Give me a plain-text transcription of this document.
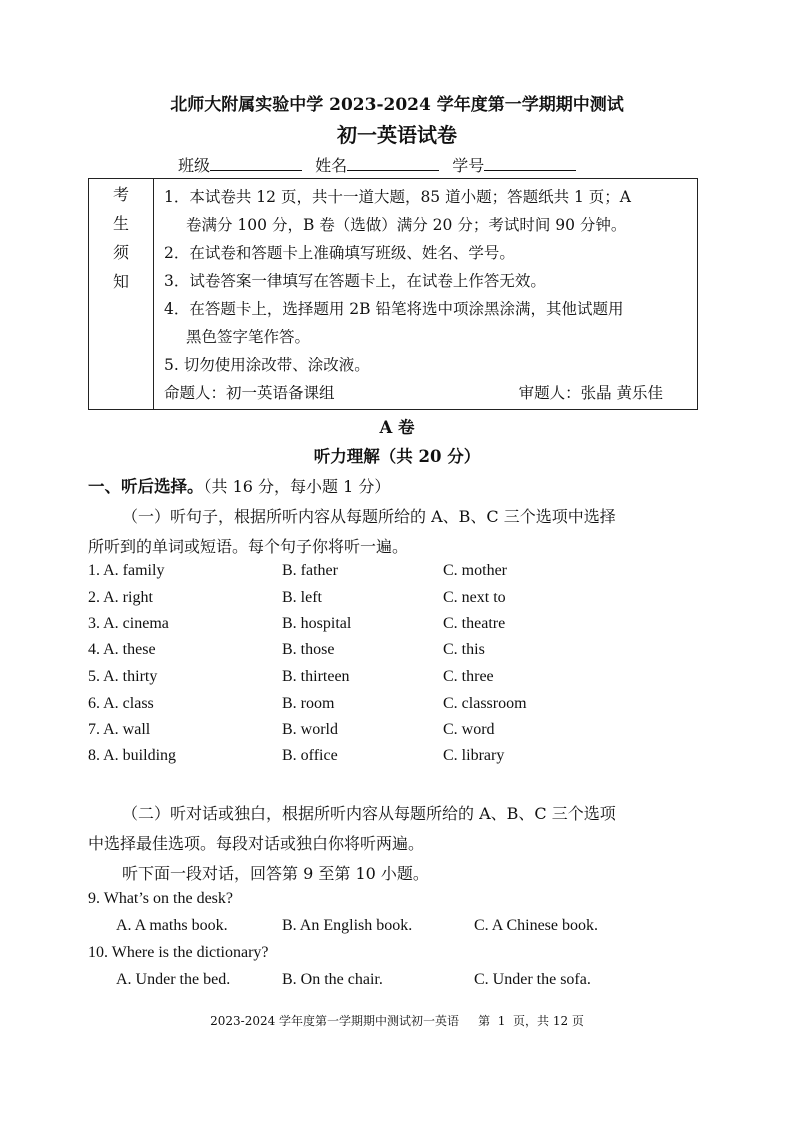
北师大附属实验中学 2023-2024 学年度第一学期期中测试
初一英语试卷
班级	姓名	学号
考
生
须
知

1．本试卷共 12 页，共十一道大题，85 道小题；答题纸共 1 页；A
卷满分 100 分，B 卷（选做）满分 20 分；考试时间 90 分钟。
2．在试卷和答题卡上准确填写班级、姓名、学号。
3．试卷答案一律填写在答题卡上，在试卷上作答无效。
4．在答题卡上，选择题用 2B 铅笔将选中项涂黑涂满，其他试题用
黑色签字笔作答。
5. 切勿使用涂改带、涂改液。
命题人：初一英语备课组	审题人：张晶 黄乐佳
A 卷
听力理解（共 20 分）
一、听后选择。（共 16 分，每小题 1 分）
（一）听句子，根据所听内容从每题所给的 A、B、C 三个选项中选择
所听到的单词或短语。每个句子你将听一遍。
1. A. family	B. father	C. mother
2. A. right	B. left	C. next to
3. A. cinema	B. hospital	C. theatre
4. A. these	B. those	C. this
5. A. thirty	B. thirteen	C. three
6. A. class	B. room	C. classroom
7. A. wall	B. world	C. word
8. A. building	B. office	C. library
（二）听对话或独白，根据所听内容从每题所给的 A、B、C 三个选项
中选择最佳选项。每段对话或独白你将听两遍。
听下面一段对话，回答第 9 至第 10 小题。
9. What’s on the desk?
A. A maths book.	B. An English book.	C. A Chinese book.
10. Where is the dictionary?
A. Under the bed.	B. On the chair.	C. Under the sofa.
2023-2024 学年度第一学期期中测试初一英语     第  1  页，共 12 页
